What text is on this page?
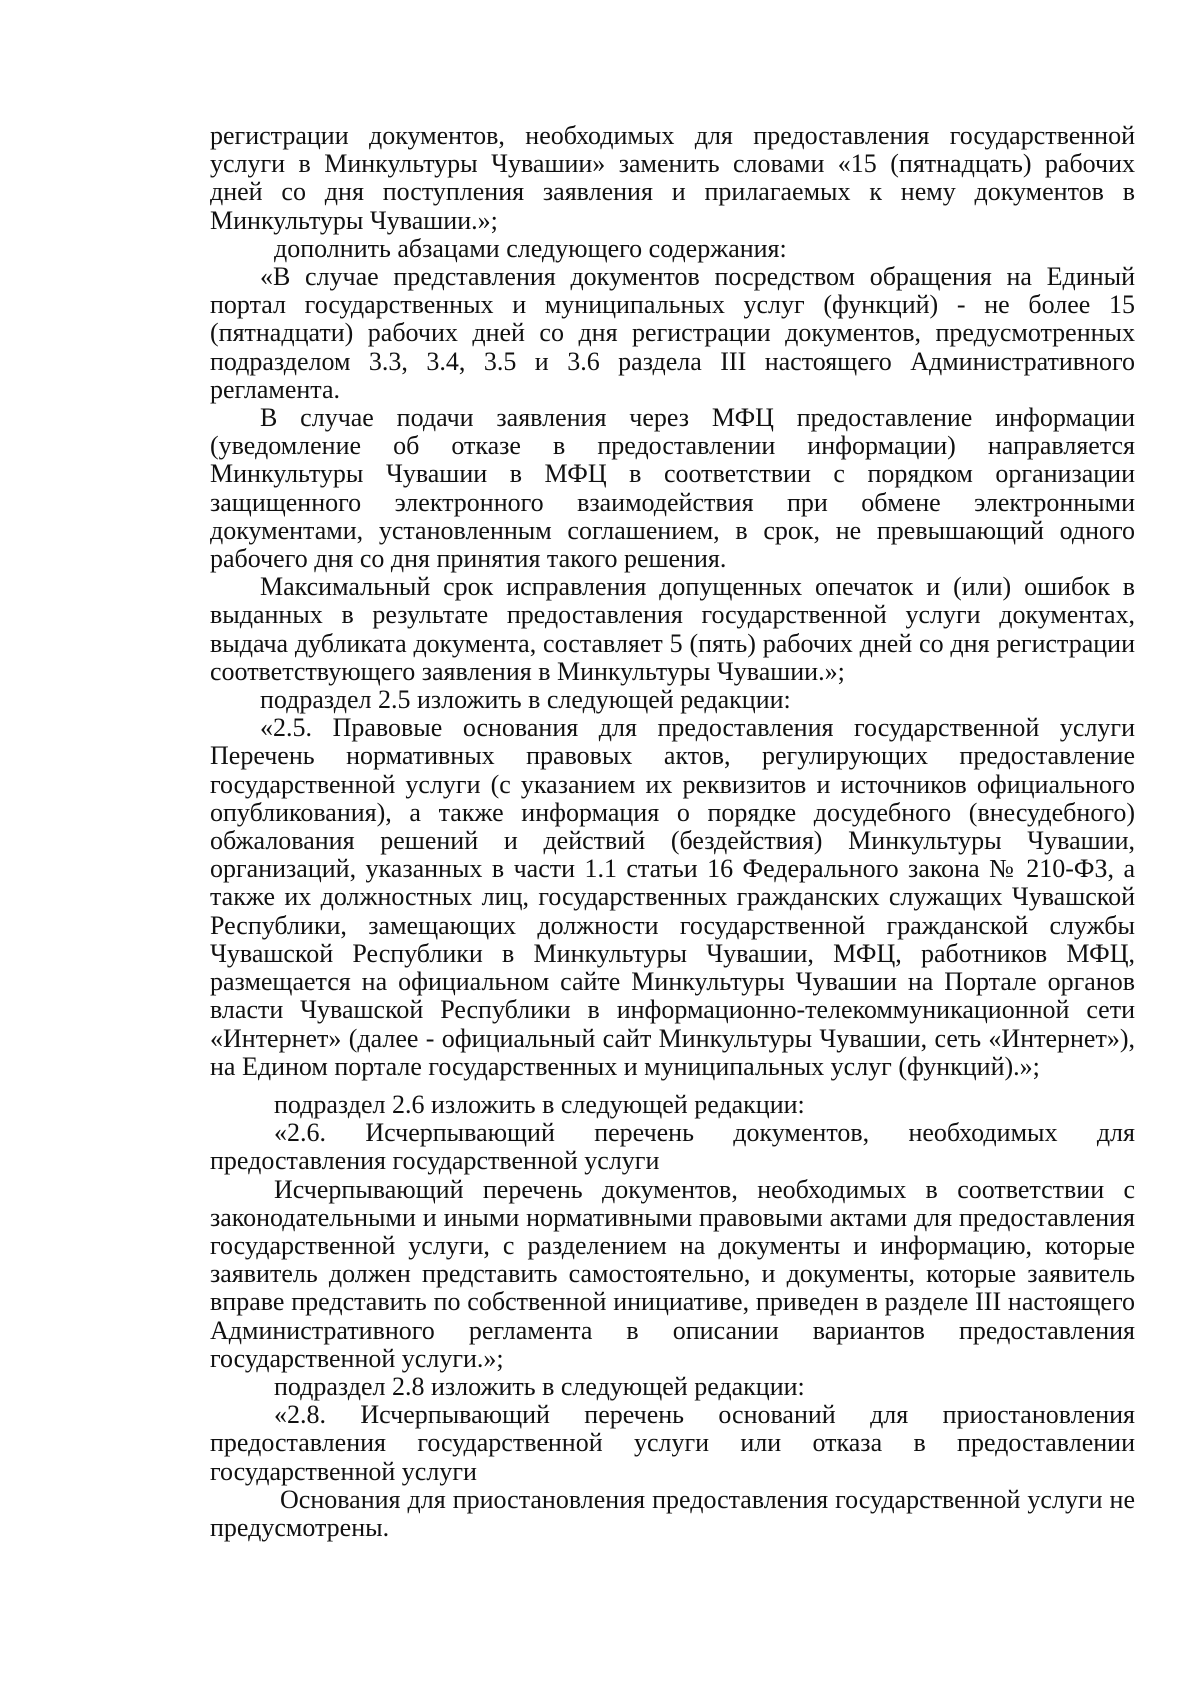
регистрации документов, необходимых для предоставления государственной услуги в Минкультуры Чувашии» заменить словами «15 (пятнадцать) рабочих дней со дня поступления заявления и прилагаемых к нему документов в Минкультуры Чувашии.»;

дополнить абзацами следующего содержания:

«В случае представления документов посредством обращения на Единый портал государственных и муниципальных услуг (функций) - не более 15 (пятнадцати) рабочих дней со дня регистрации документов, предусмотренных подразделом 3.3, 3.4, 3.5 и 3.6 раздела III настоящего Административного регламента.

В случае подачи заявления через МФЦ предоставление информации (уведомление об отказе в предоставлении информации) направляется Минкультуры Чувашии в МФЦ в соответствии с порядком организации защищенного электронного взаимодействия при обмене электронными документами, установленным соглашением, в срок, не превышающий одного рабочего дня со дня принятия такого решения.

Максимальный срок исправления допущенных опечаток и (или) ошибок в выданных в результате предоставления государственной услуги документах, выдача дубликата документа, составляет 5 (пять) рабочих дней со дня регистрации соответствующего заявления в Минкультуры Чувашии.»;

подраздел 2.5 изложить в следующей редакции:

«2.5. Правовые основания для предоставления государственной услуги Перечень нормативных правовых актов, регулирующих предоставление государственной услуги (с указанием их реквизитов и источников официального опубликования), а также информация о порядке досудебного (внесудебного) обжалования решений и действий (бездействия) Минкультуры Чувашии, организаций, указанных в части 1.1 статьи 16 Федерального закона № 210-ФЗ, а также их должностных лиц, государственных гражданских служащих Чувашской Республики, замещающих должности государственной гражданской службы Чувашской Республики в Минкультуры Чувашии, МФЦ, работников МФЦ, размещается на официальном сайте Минкультуры Чувашии на Портале органов власти Чувашской Республики в информационно-телекоммуникационной сети «Интернет» (далее - официальный сайт Минкультуры Чувашии, сеть «Интернет»), на Едином портале государственных и муниципальных услуг (функций).»;

подраздел 2.6 изложить в следующей редакции:

«2.6. Исчерпывающий перечень документов, необходимых для предоставления государственной услуги

Исчерпывающий перечень документов, необходимых в соответствии с законодательными и иными нормативными правовыми актами для предоставления государственной услуги, с разделением на документы и информацию, которые заявитель должен представить самостоятельно, и документы, которые заявитель вправе представить по собственной инициативе, приведен в разделе III настоящего Административного регламента в описании вариантов предоставления государственной услуги.»;

подраздел 2.8 изложить в следующей редакции:

«2.8. Исчерпывающий перечень оснований для приостановления предоставления государственной услуги или отказа в предоставлении государственной услуги

Основания для приостановления предоставления государственной услуги не предусмотрены.
